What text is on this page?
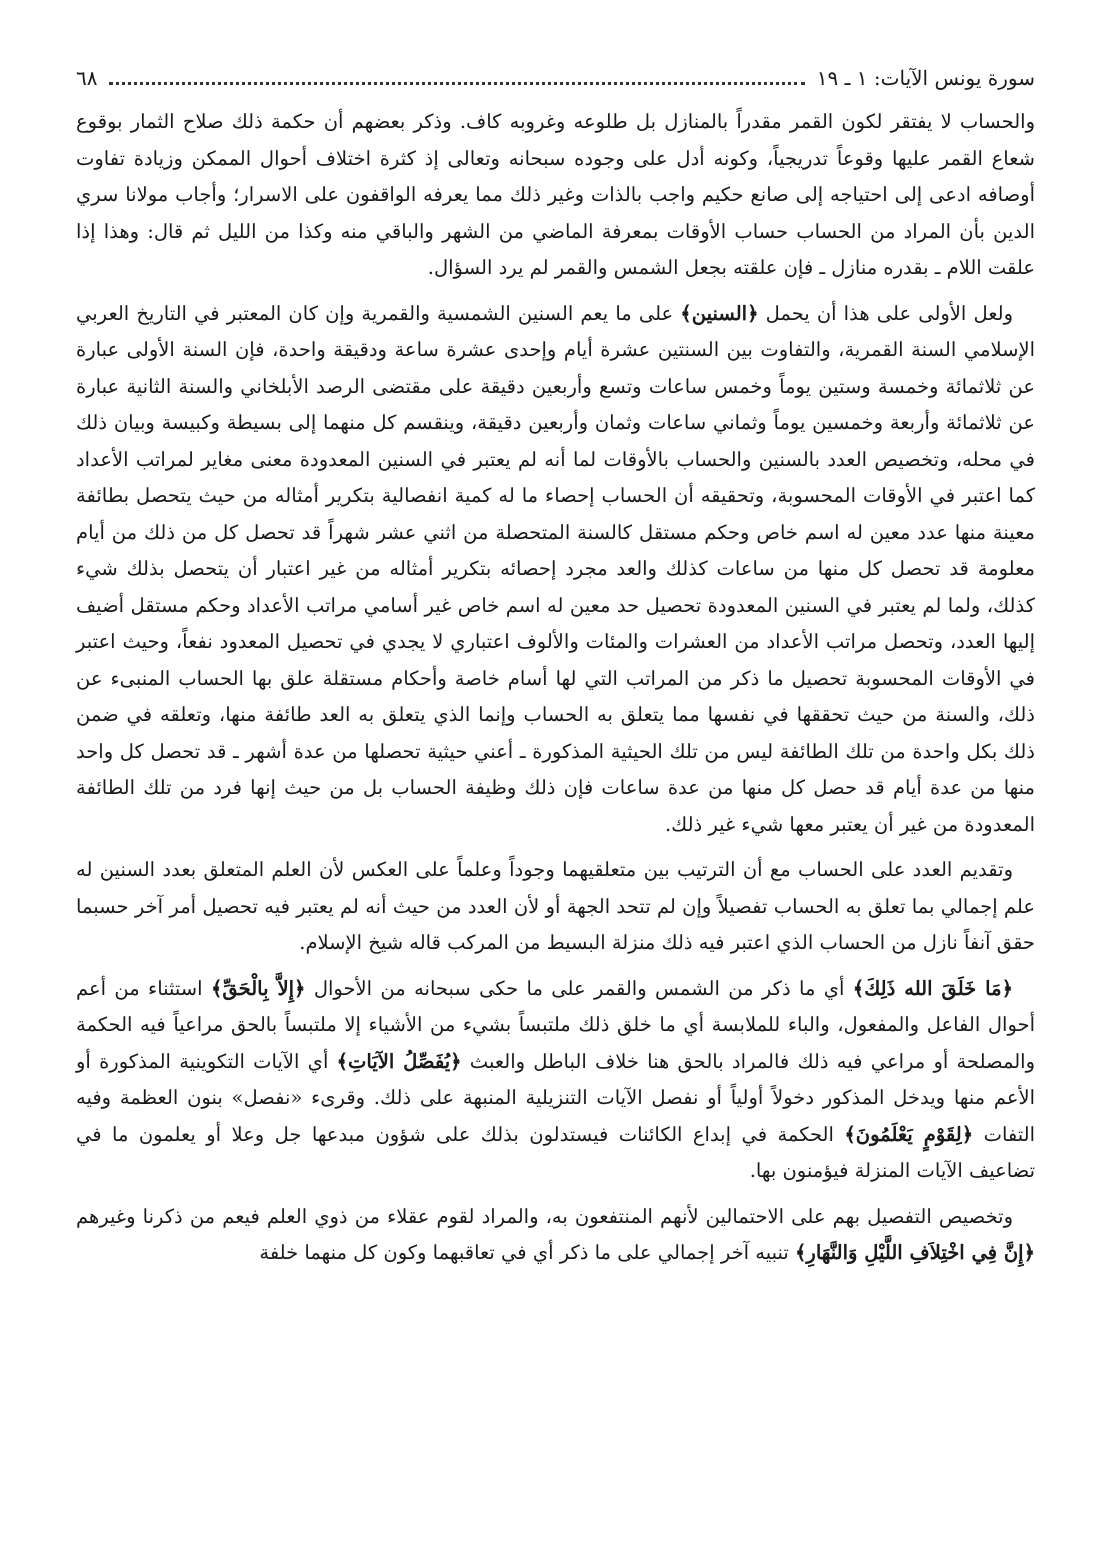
سورة يونس الآيات: ١ ـ ١٩
٦٨

والحساب لا يفتقر لكون القمر مقدراً بالمنازل بل طلوعه وغروبه كاف. وذكر بعضهم أن حكمة ذلك صلاح الثمار بوقوع شعاع القمر عليها وقوعاً تدريجياً، وكونه أدل على وجوده سبحانه وتعالى إذ كثرة اختلاف أحوال الممكن وزيادة تفاوت أوصافه ادعى إلى احتياجه إلى صانع حكيم واجب بالذات وغير ذلك مما يعرفه الواقفون على الاسرار؛ وأجاب مولانا سري الدين بأن المراد من الحساب حساب الأوقات بمعرفة الماضي من الشهر والباقي منه وكذا من الليل ثم قال: وهذا إذا علقت اللام ـ بقدره منازل ـ فإن علقته بجعل الشمس والقمر لم يرد السؤال.

ولعل الأولى على هذا أن يحمل ﴿السنين﴾ على ما يعم السنين الشمسية والقمرية وإن كان المعتبر في التاريخ العربي الإسلامي السنة القمرية، والتفاوت بين السنتين عشرة أيام وإحدى عشرة ساعة ودقيقة واحدة، فإن السنة الأولى عبارة عن ثلاثمائة وخمسة وستين يوماً وخمس ساعات وتسع وأربعين دقيقة على مقتضى الرصد الأبلخاني والسنة الثانية عبارة عن ثلاثمائة وأربعة وخمسين يوماً وثماني ساعات وثمان وأربعين دقيقة، وينقسم كل منهما إلى بسيطة وكبيسة وبيان ذلك في محله، وتخصيص العدد بالسنين والحساب بالأوقات لما أنه لم يعتبر في السنين المعدودة معنى مغاير لمراتب الأعداد كما اعتبر في الأوقات المحسوبة، وتحقيقه أن الحساب إحصاء ما له كمية انفصالية بتكرير أمثاله من حيث يتحصل بطائفة معينة منها عدد معين له اسم خاص وحكم مستقل كالسنة المتحصلة من اثني عشر شهراً قد تحصل كل من ذلك من أيام معلومة قد تحصل كل منها من ساعات كذلك والعد مجرد إحصائه بتكرير أمثاله من غير اعتبار أن يتحصل بذلك شيء كذلك، ولما لم يعتبر في السنين المعدودة تحصيل حد معين له اسم خاص غير أسامي مراتب الأعداد وحكم مستقل أضيف إليها العدد، وتحصل مراتب الأعداد من العشرات والمئات والألوف اعتباري لا يجدي في تحصيل المعدود نفعاً، وحيث اعتبر في الأوقات المحسوبة تحصيل ما ذكر من المراتب التي لها أسام خاصة وأحكام مستقلة علق بها الحساب المنبىء عن ذلك، والسنة من حيث تحققها في نفسها مما يتعلق به الحساب وإنما الذي يتعلق به العد طائفة منها، وتعلقه في ضمن ذلك بكل واحدة من تلك الطائفة ليس من تلك الحيثية المذكورة ـ أعني حيثية تحصلها من عدة أشهر ـ قد تحصل كل واحد منها من عدة أيام قد حصل كل منها من عدة ساعات فإن ذلك وظيفة الحساب بل من حيث إنها فرد من تلك الطائفة المعدودة من غير أن يعتبر معها شيء غير ذلك.

وتقديم العدد على الحساب مع أن الترتيب بين متعلقيهما وجوداً وعلماً على العكس لأن العلم المتعلق بعدد السنين له علم إجمالي بما تعلق به الحساب تفصيلاً وإن لم تتحد الجهة أو لأن العدد من حيث أنه لم يعتبر فيه تحصيل أمر آخر حسبما حقق آنفاً نازل من الحساب الذي اعتبر فيه ذلك منزلة البسيط من المركب قاله شيخ الإسلام.

﴿مَا خَلَقَ الله ذَلِكَ﴾ أي ما ذكر من الشمس والقمر على ما حكى سبحانه من الأحوال ﴿إِلاَّ بِالْحَقِّ﴾ استثناء من أعم أحوال الفاعل والمفعول، والباء للملابسة أي ما خلق ذلك ملتبساً بشيء من الأشياء إلا ملتبساً بالحق مراعياً فيه الحكمة والمصلحة أو مراعي فيه ذلك فالمراد بالحق هنا خلاف الباطل والعبث ﴿يُفَصِّلُ الآيَاتِ﴾ أي الآيات التكوينية المذكورة أو الأعم منها ويدخل المذكور دخولاً أولياً أو نفصل الآيات التنزيلية المنبهة على ذلك. وقرىء «نفصل» بنون العظمة وفيه التفات ﴿لِقَوْمٍ يَعْلَمُونَ﴾ الحكمة في إبداع الكائنات فيستدلون بذلك على شؤون مبدعها جل وعلا أو يعلمون ما في تضاعيف الآيات المنزلة فيؤمنون بها.

وتخصيص التفصيل بهم على الاحتمالين لأنهم المنتفعون به، والمراد لقوم عقلاء من ذوي العلم فيعم من ذكرنا وغيرهم ﴿إِنَّ فِي اخْتِلاَفِ اللَّيْلِ وَالنَّهَارِ﴾ تنبيه آخر إجمالي على ما ذكر أي في تعاقبهما وكون كل منهما خلفة
